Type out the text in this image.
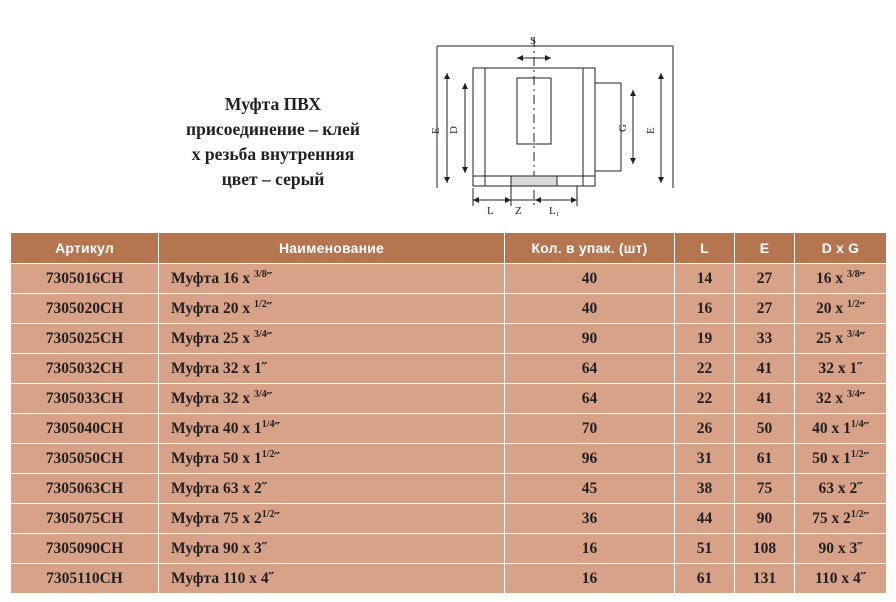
Муфта ПВХ
присоединение – клей
х резьба внутренняя
цвет – серый
S
E D	G E
L Z L₁
Артикул	Наименование	Кол. в упак. (шт)	L	E	D x G
7305016CH	Муфта 16 х $^{3/8}$˝	40	14	27	16 х $^{3/8}$˝
7305020CH	Муфта 20 х $^{1/2}$˝	40	16	27	20 х $^{1/2}$˝
7305025CH	Муфта 25 х $^{3/4}$˝	90	19	33	25 х $^{3/4}$˝
7305032CH	Муфта 32 х 1˝	64	22	41	32 х 1˝
7305033CH	Муфта 32 х $^{3/4}$˝	64	22	41	32 х $^{3/4}$˝
7305040CH	Муфта 40 х $1^{1/4}˝$	70	26	50	40 х $1^{1/4}˝$
7305050CH	Муфта 50 х $1^{1/2}˝$	96	31	61	50 х $1^{1/2}˝$
7305063CH	Муфта 63 х 2˝	45	38	75	63 х 2˝
7305075CH	Муфта 75 х $2^{1/2}˝$	36	44	90	75 х $2^{1/2}˝$
7305090CH	Муфта 90 х 3˝	16	51	108	90 х 3˝
7305110CH	Муфта 110 х 4˝	16	61	131	110 х 4˝
